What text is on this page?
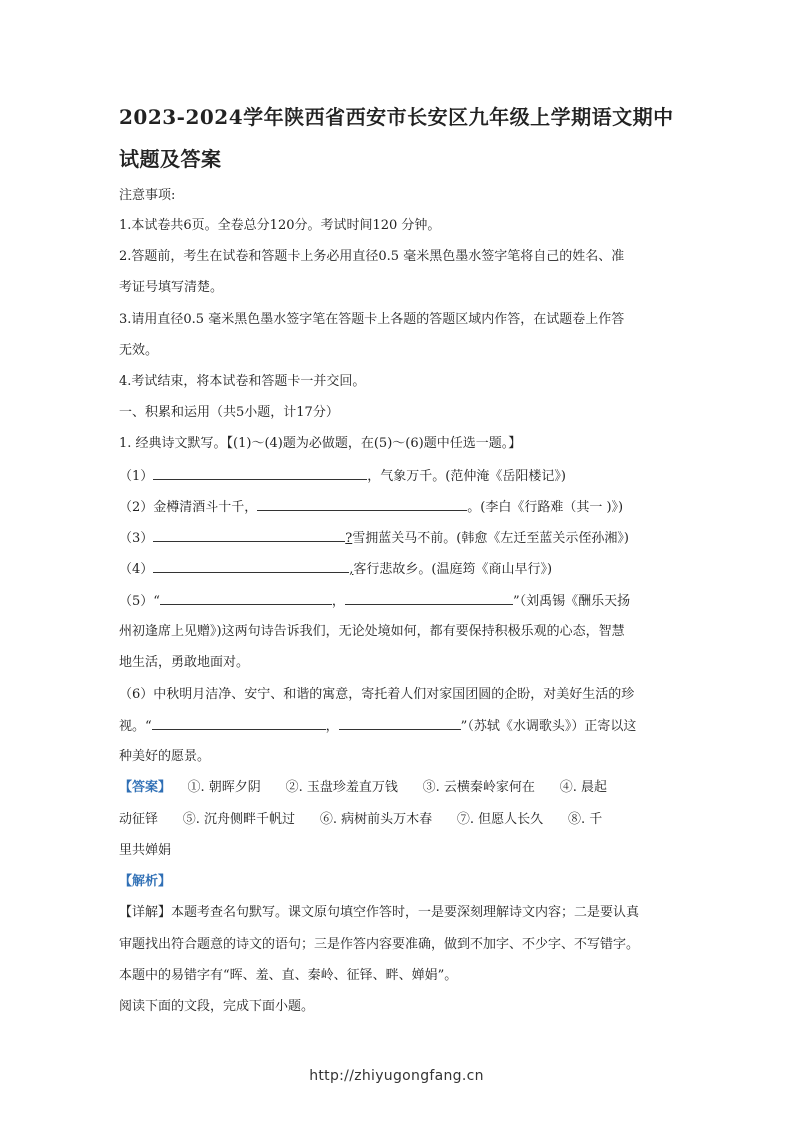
2023-2024学年陕西省西安市长安区九年级上学期语文期中
试题及答案
注意事项:
1.本试卷共6页。全卷总分120分。考试时间120 分钟。
2.答题前，考生在试卷和答题卡上务必用直径0.5 毫米黑色墨水签字笔将自己的姓名、准
考证号填写清楚。
3.请用直径0.5 毫米黑色墨水签字笔在答题卡上各题的答题区域内作答，在试题卷上作答
无效。
4.考试结束，将本试卷和答题卡一并交回。
一、积累和运用（共5小题，计17分）
1. 经典诗文默写。【(1)～(4)题为必做题，在(5)～(6)题中任选一题。】
（1）	，气象万千。(范仲淹《岳阳楼记》)
（2）金樽清酒斗十千，	。(李白《行路难（其一 )》)
（3）	?雪拥蓝关马不前。(韩愈《左迁至蓝关示侄孙湘》)
（4）	,客行悲故乡。(温庭筠《商山早行》)
（5）“	，	”（刘禹锡《酬乐天扬
州初逢席上见赠》)这两句诗告诉我们，无论处境如何，都有要保持积极乐观的心态，智慧
地生活，勇敢地面对。
（6）中秋明月洁净、安宁、和谐的寓意，寄托着人们对家国团圆的企盼，对美好生活的珍
视。“	，	”（苏轼《水调歌头》）正寄以这
种美好的愿景。
【答案】    ①. 朝晖夕阴      ②. 玉盘珍羞直万钱      ③. 云横秦岭家何在      ④. 晨起
动征铎      ⑤. 沉舟侧畔千帆过      ⑥. 病树前头万木春      ⑦. 但愿人长久      ⑧. 千
里共婵娟
【解析】
【详解】本题考查名句默写。课文原句填空作答时，一是要深刻理解诗文内容；二是要认真
审题找出符合题意的诗文的语句；三是作答内容要准确，做到不加字、不少字、不写错字。
本题中的易错字有“晖、羞、直、秦岭、征铎、畔、婵娟”。
阅读下面的文段，完成下面小题。
http://zhiyugongfang.cn
